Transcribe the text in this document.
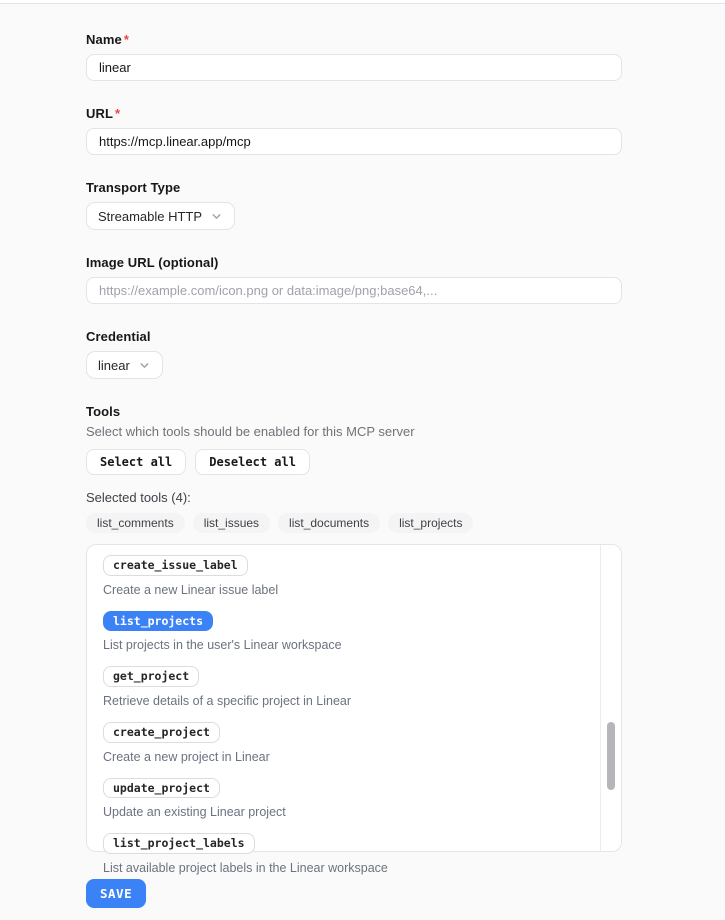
Name *
linear
URL *
https://mcp.linear.app/mcp
Transport Type
Streamable HTTP
Image URL (optional)
https://example.com/icon.png or data:image/png;base64,...
Credential
linear
Tools
Select which tools should be enabled for this MCP server
Select all	Deselect all
Selected tools (4):
list_comments	list_issues	list_documents	list_projects
create_issue_label
Create a new Linear issue label
list_projects
List projects in the user's Linear workspace
get_project
Retrieve details of a specific project in Linear
create_project
Create a new project in Linear
update_project
Update an existing Linear project
list_project_labels
List available project labels in the Linear workspace
SAVE
